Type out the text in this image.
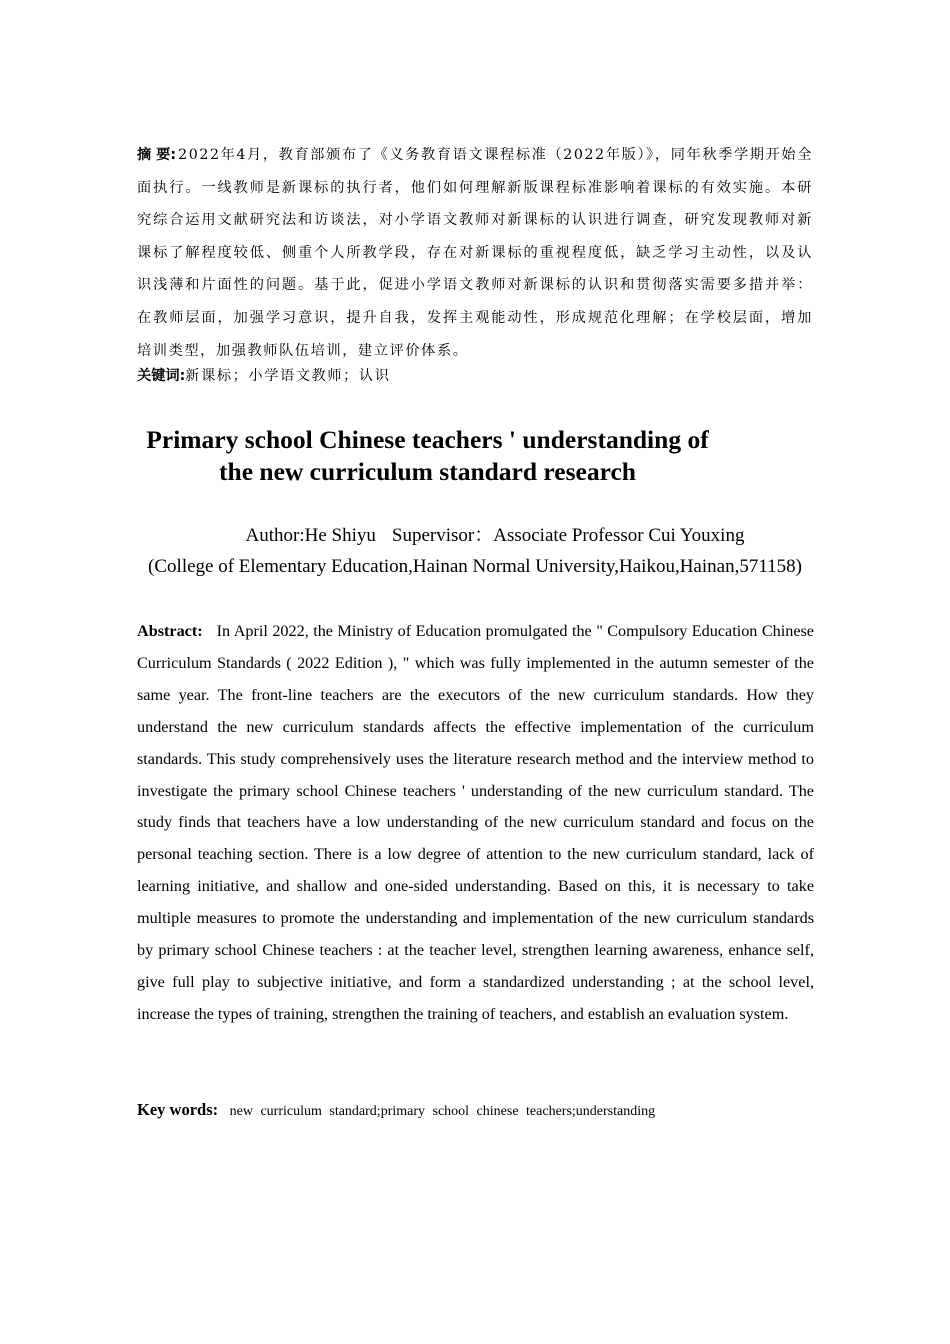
摘 要: 2022年4月，教育部颁布了《义务教育语文课程标准（2022年版）》，同年秋季学期开始全面执行。一线教师是新课标的执行者，他们如何理解新版课程标准影响着课标的有效实施。本研究综合运用文献研究法和访谈法，对小学语文教师对新课标的认识进行调查，研究发现教师对新课标了解程度较低、侧重个人所教学段，存在对新课标的重视程度低，缺乏学习主动性，以及认识浅薄和片面性的问题。基于此，促进小学语文教师对新课标的认识和贯彻落实需要多措并举：在教师层面，加强学习意识，提升自我，发挥主观能动性，形成规范化理解；在学校层面，增加培训类型，加强教师队伍培训，建立评价体系。
关键词:新课标；小学语文教师；认识
Primary school Chinese teachers ' understanding of
the new curriculum standard research
Author:He Shiyu Supervisor：Associate Professor Cui Youxing
(College of Elementary Education,Hainan Normal University,Haikou,Hainan,571158)

Abstract: In April 2022, the Ministry of Education promulgated the " Compulsory Education Chinese Curriculum Standards ( 2022 Edition ), " which was fully implemented in the autumn semester of the same year. The front-line teachers are the executors of the new curriculum standards. How they understand the new curriculum standards affects the effective implementation of the curriculum standards. This study comprehensively uses the literature research method and the interview method to investigate the primary school Chinese teachers ' understanding of the new curriculum standard. The study finds that teachers have a low understanding of the new curriculum standard and focus on the personal teaching section. There is a low degree of attention to the new curriculum standard, lack of learning initiative, and shallow and one-sided understanding. Based on this, it is necessary to take multiple measures to promote the understanding and implementation of the new curriculum standards by primary school Chinese teachers : at the teacher level, strengthen learning awareness, enhance self, give full play to subjective initiative, and form a standardized understanding ; at the school level, increase the types of training, strengthen the training of teachers, and establish an evaluation system.

Key words: new curriculum standard;primary school chinese teachers;understanding
